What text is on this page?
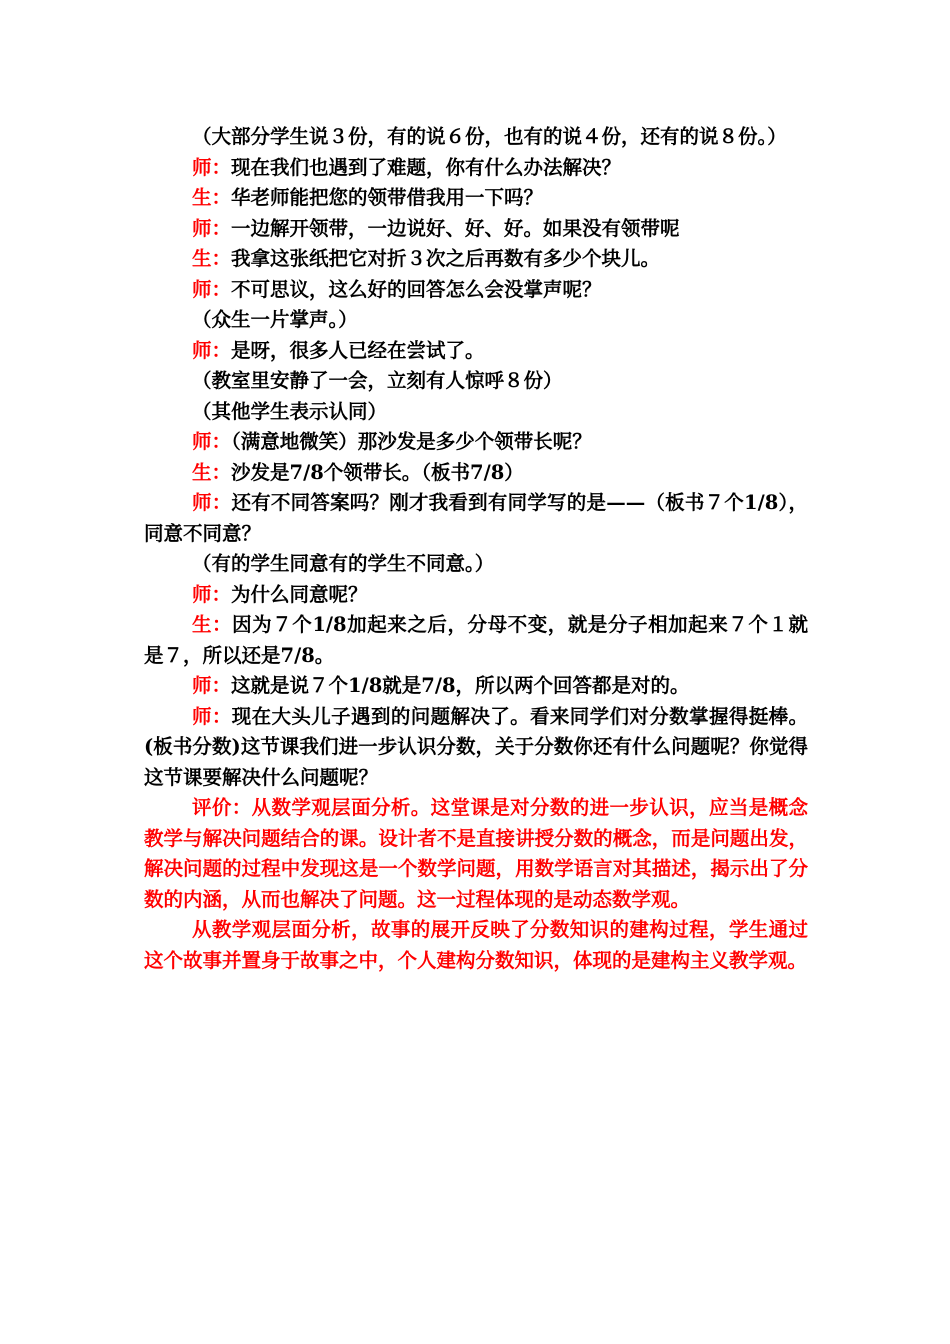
（大部分学生说３份，有的说６份，也有的说４份，还有的说８份。）

师：现在我们也遇到了难题，你有什么办法解决？

生：华老师能把您的领带借我用一下吗？

师：一边解开领带，一边说好、好、好。如果没有领带呢

生：我拿这张纸把它对折３次之后再数有多少个块儿。

师：不可思议，这么好的回答怎么会没掌声呢？

（众生一片掌声。）

师：是呀，很多人已经在尝试了。

（教室里安静了一会，立刻有人惊呼８份）

（其他学生表示认同）

师：（满意地微笑）那沙发是多少个领带长呢？

生：沙发是7/8个领带长。（板书7/8）

师：还有不同答案吗？刚才我看到有同学写的是——（板书７个1/8），同意不同意？

（有的学生同意有的学生不同意。）

师：为什么同意呢？

生：因为７个1/8加起来之后，分母不变，就是分子相加起来７个１就是７，所以还是7/8。

师：这就是说７个1/8就是7/8，所以两个回答都是对的。

师：现在大头儿子遇到的问题解决了。看来同学们对分数掌握得挺棒。(板书分数)这节课我们进一步认识分数，关于分数你还有什么问题呢？你觉得这节课要解决什么问题呢？

评价：从数学观层面分析。这堂课是对分数的进一步认识，应当是概念教学与解决问题结合的课。设计者不是直接讲授分数的概念，而是问题出发，解决问题的过程中发现这是一个数学问题，用数学语言对其描述，揭示出了分数的内涵，从而也解决了问题。这一过程体现的是动态数学观。

从教学观层面分析，故事的展开反映了分数知识的建构过程，学生通过这个故事并置身于故事之中，个人建构分数知识，体现的是建构主义教学观。
